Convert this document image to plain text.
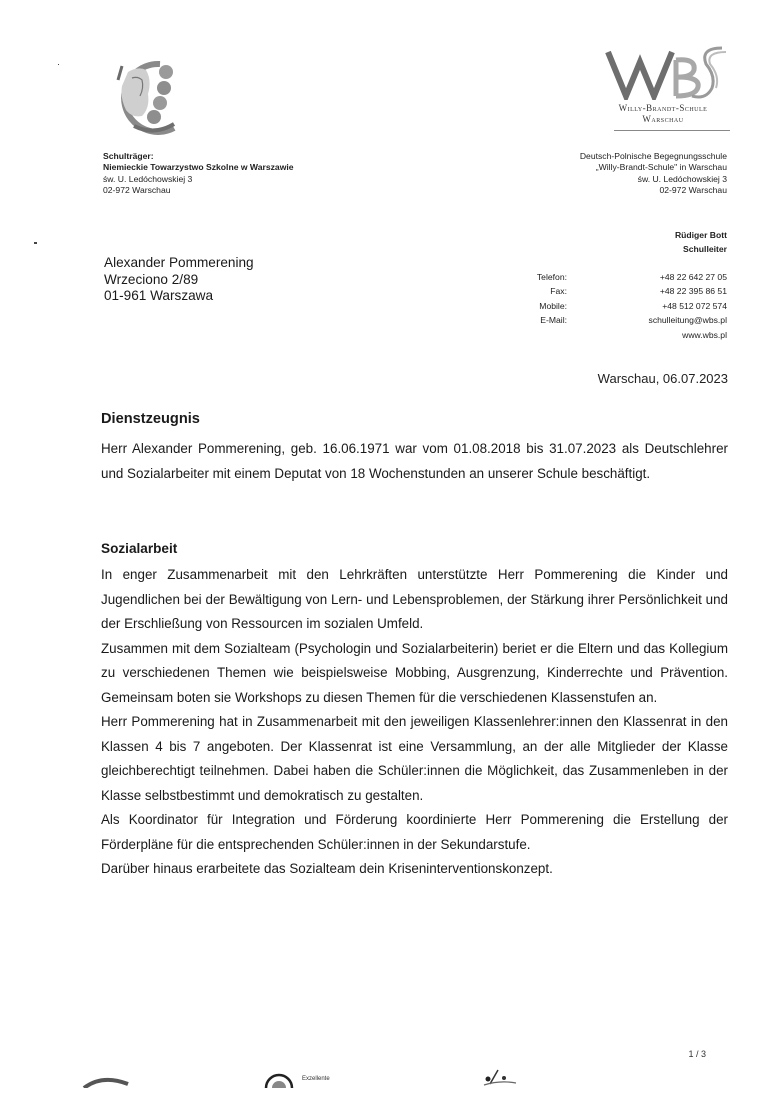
Willy-Brandt-Schule
Warschau
Schulträger:
Niemieckie Towarzystwo Szkolne w Warszawie
św. U. Ledóchowskiej 3
02-972 Warschau
Deutsch-Polnische Begegnungsschule
„Willy-Brandt-Schule" in Warschau
św. U. Ledóchowskiej 3
02-972 Warschau
Rüdiger Bott
Schulleiter
Alexander Pommerening
Wrzeciono 2/89
01-961 Warszawa
Telefon:	+48 22 642 27 05
Fax:	+48 22 395 86 51
Mobile:	+48 512 072 574
E-Mail:	schulleitung@wbs.pl
www.wbs.pl
Warschau, 06.07.2023
Dienstzeugnis

Herr Alexander Pommerening, geb. 16.06.1971 war vom 01.08.2018 bis 31.07.2023 als Deutschlehrer und Sozialarbeiter mit einem Deputat von 18 Wochenstunden an unserer Schule beschäftigt.

Sozialarbeit

In enger Zusammenarbeit mit den Lehrkräften unterstützte Herr Pommerening die Kinder und Jugendlichen bei der Bewältigung von Lern- und Lebensproblemen, der Stärkung ihrer Persönlichkeit und der Erschließung von Ressourcen im sozialen Umfeld.

Zusammen mit dem Sozialteam (Psychologin und Sozialarbeiterin) beriet er die Eltern und das Kollegium zu verschiedenen Themen wie beispielsweise Mobbing, Ausgrenzung, Kinderrechte und Prävention. Gemeinsam boten sie Workshops zu diesen Themen für die verschiedenen Klassenstufen an.

Herr Pommerening hat in Zusammenarbeit mit den jeweiligen Klassenlehrer:innen den Klassenrat in den Klassen 4 bis 7 angeboten. Der Klassenrat ist eine Versammlung, an der alle Mitglieder der Klasse gleichberechtigt teilnehmen. Dabei haben die Schüler:innen die Möglichkeit, das Zusammenleben in der Klasse selbstbestimmt und demokratisch zu gestalten.

Als Koordinator für Integration und Förderung koordinierte Herr Pommerening die Erstellung der Förderpläne für die entsprechenden Schüler:innen in der Sekundarstufe.

Darüber hinaus erarbeitete das Sozialteam dein Kriseninterventionskonzept.

1 / 3
Exzellente
